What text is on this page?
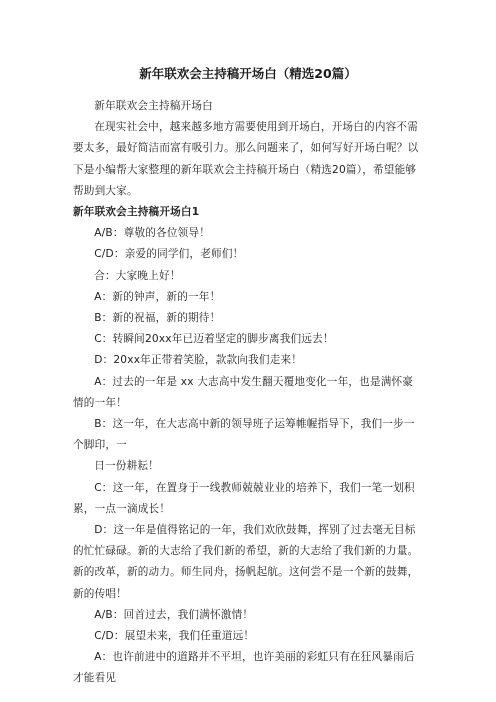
新年联欢会主持稿开场白（精选20篇）

新年联欢会主持稿开场白

在现实社会中，越来越多地方需要使用到开场白，开场白的内容不需要太多，最好简洁而富有吸引力。那么问题来了，如何写好开场白呢？以下是小编帮大家整理的新年联欢会主持稿开场白（精选20篇），希望能够帮助到大家。

新年联欢会主持稿开场白1

A/B：尊敬的各位领导！

C/D：亲爱的同学们，老师们！

合：大家晚上好！

A：新的钟声，新的一年！

B：新的祝福，新的期待！

C：转瞬间20xx年已迈着坚定的脚步离我们远去！

D：20xx年正带着笑脸，款款向我们走来！

A：过去的一年是 xx 大志高中发生翻天覆地变化一年，也是满怀豪情的一年！

B：这一年，在大志高中新的领导班子运筹帷幄指导下，我们一步一个脚印，一

日一份耕耘！

C：这一年，在置身于一线教师兢兢业业的培养下，我们一笔一划积累，一点一滴成长！

D：这一年是值得铭记的一年，我们欢欣鼓舞，挥别了过去毫无目标的忙忙碌碌。新的大志给了我们新的希望，新的大志给了我们新的力量。新的改革，新的动力。师生同舟，扬帆起航。这何尝不是一个新的鼓舞，新的传唱！

A/B：回首过去，我们满怀激情！

C/D：展望未来，我们任重道远！

A：也许前进中的道路并不平坦，也许美丽的彩虹只有在狂风暴雨后才能看见
